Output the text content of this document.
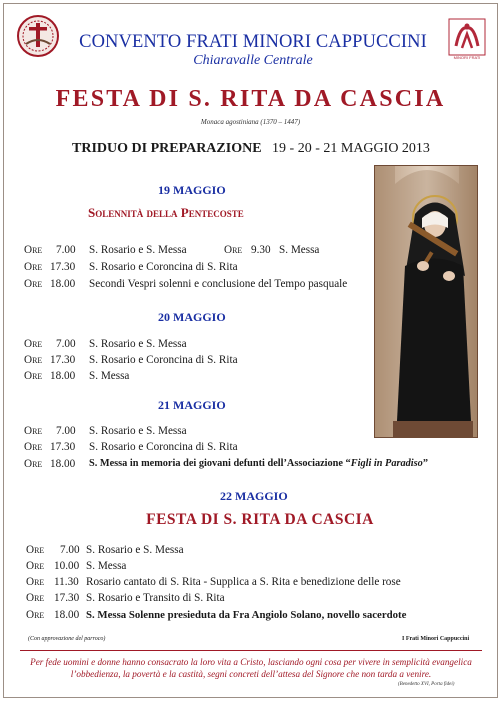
MINORI FRATI
CONVENTO FRATI MINORI CAPPUCCINI
Chiaravalle Centrale
FESTA DI S. RITA DA CASCIA
Monaca agostiniana (1370 – 1447)
TRIDUO DI PREPARAZIONE 19 - 20 - 21 MAGGIO 2013
19 MAGGIO
Solennità della Pentecoste
Ore 7.00 S. Rosario e S. Messa	Ore 9.30 S. Messa
Ore 17.30 S. Rosario e Coroncina di S. Rita
Ore 18.00 Secondi Vespri solenni e conclusione del Tempo pasquale
20 MAGGIO
Ore 7.00 S. Rosario e S. Messa
Ore 17.30 S. Rosario e Coroncina di S. Rita
Ore 18.00 S. Messa
21 MAGGIO
Ore 7.00 S. Rosario e S. Messa
Ore 17.30 S. Rosario e Coroncina di S. Rita
Ore 18.00 S. Messa in memoria dei giovani defunti dell’Associazione “Figli in Paradiso”
22 MAGGIO
FESTA DI S. RITA DA CASCIA
Ore 7.00 S. Rosario e S. Messa
Ore 10.00 S. Messa
Ore 11.30 Rosario cantato di S. Rita - Supplica a S. Rita e benedizione delle rose
Ore 17.30 S. Rosario e Transito di S. Rita
Ore 18.00 S. Messa Solenne presieduta da Fra Angiolo Solano, novello sacerdote
(Con approvazione del parroco)	I Frati Minori Cappuccini
Per fede uomini e donne hanno consacrato la loro vita a Cristo, lasciando ogni cosa per vivere in semplicità evangelica l’obbedienza, la povertà e la castità, segni concreti dell’attesa del Signore che non tarda a venire.
(Benedetto XVI, Porta fidei)
